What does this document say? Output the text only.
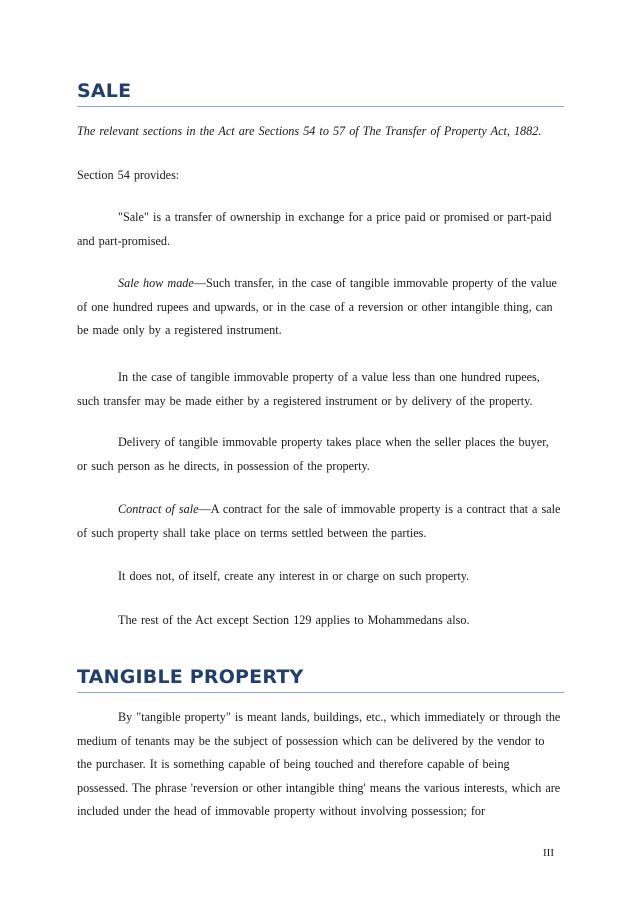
SALE

The relevant sections in the Act are Sections 54 to 57 of The Transfer of Property Act, 1882.

Section 54 provides:

"Sale" is a transfer of ownership in exchange for a price paid or promised or part-paid and part-promised.

Sale how made—Such transfer, in the case of tangible immovable property of the value of one hundred rupees and upwards, or in the case of a reversion or other intangible thing, can be made only by a registered instrument.

In the case of tangible immovable property of a value less than one hundred rupees, such transfer may be made either by a registered instrument or by delivery of the property.

Delivery of tangible immovable property takes place when the seller places the buyer, or such person as he directs, in possession of the property.

Contract of sale—A contract for the sale of immovable property is a contract that a sale of such property shall take place on terms settled between the parties.

It does not, of itself, create any interest in or charge on such property.

The rest of the Act except Section 129 applies to Mohammedans also.

TANGIBLE PROPERTY

By "tangible property" is meant lands, buildings, etc., which immediately or through the medium of tenants may be the subject of possession which can be delivered by the vendor to the purchaser. It is something capable of being touched and therefore capable of being possessed. The phrase 'reversion or other intangible thing' means the various interests, which are included under the head of immovable property without involving possession; for

III
